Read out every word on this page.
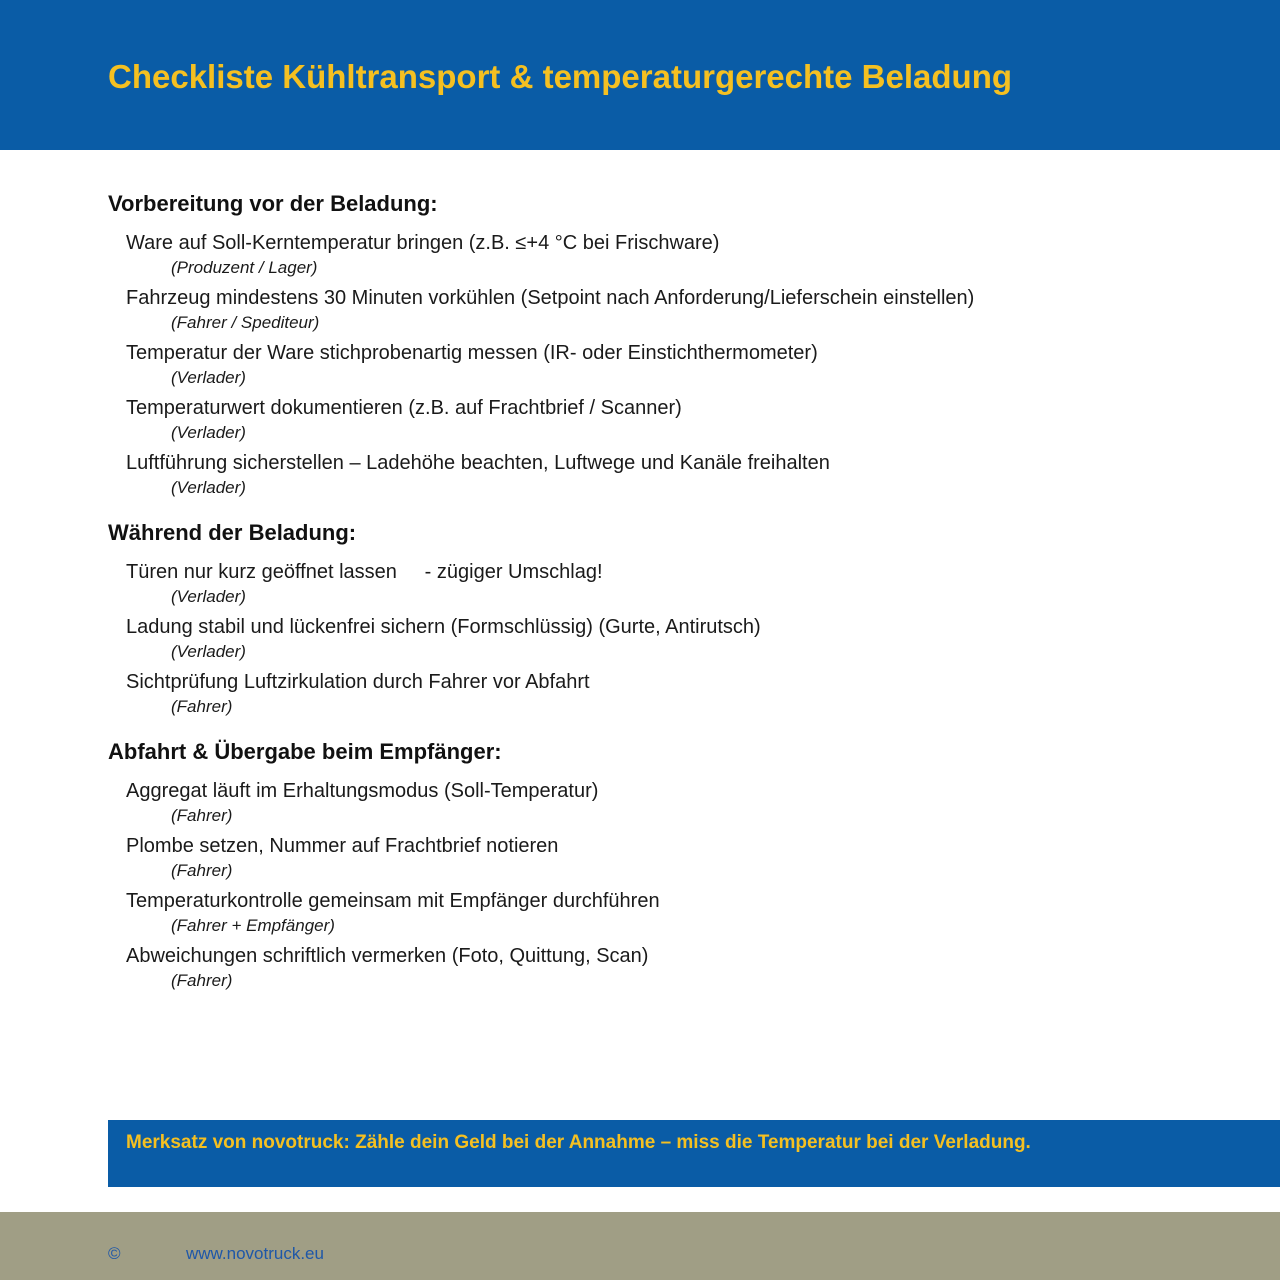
Checkliste Kühltransport & temperaturgerechte Beladung
Vorbereitung vor der Beladung:
Ware auf Soll-Kerntemperatur bringen (z.B. ≤+4 °C bei Frischware)
(Produzent / Lager)
Fahrzeug mindestens 30 Minuten vorkühlen (Setpoint nach Anforderung/Lieferschein einstellen)
(Fahrer / Spediteur)
Temperatur der Ware stichprobenartig messen (IR- oder Einstichthermometer)
(Verlader)
Temperaturwert dokumentieren (z.B. auf Frachtbrief / Scanner)
(Verlader)
Luftführung sicherstellen – Ladehöhe beachten, Luftwege und Kanäle freihalten
(Verlader)
Während der Beladung:
Türen nur kurz geöffnet lassen     - zügiger Umschlag!
(Verlader)
Ladung stabil und lückenfrei sichern (Formschlüssig) (Gurte, Antirutsch)
(Verlader)
Sichtprüfung Luftzirkulation durch Fahrer vor Abfahrt
(Fahrer)
Abfahrt & Übergabe beim Empfänger:
Aggregat läuft im Erhaltungsmodus (Soll-Temperatur)
(Fahrer)
Plombe setzen, Nummer auf Frachtbrief notieren
(Fahrer)
Temperaturkontrolle gemeinsam mit Empfänger durchführen
(Fahrer + Empfänger)
Abweichungen schriftlich vermerken (Foto, Quittung, Scan)
(Fahrer)
Merksatz von novotruck: Zähle dein Geld bei der Annahme – miss die Temperatur bei der Verladung.
©	www.novotruck.eu
